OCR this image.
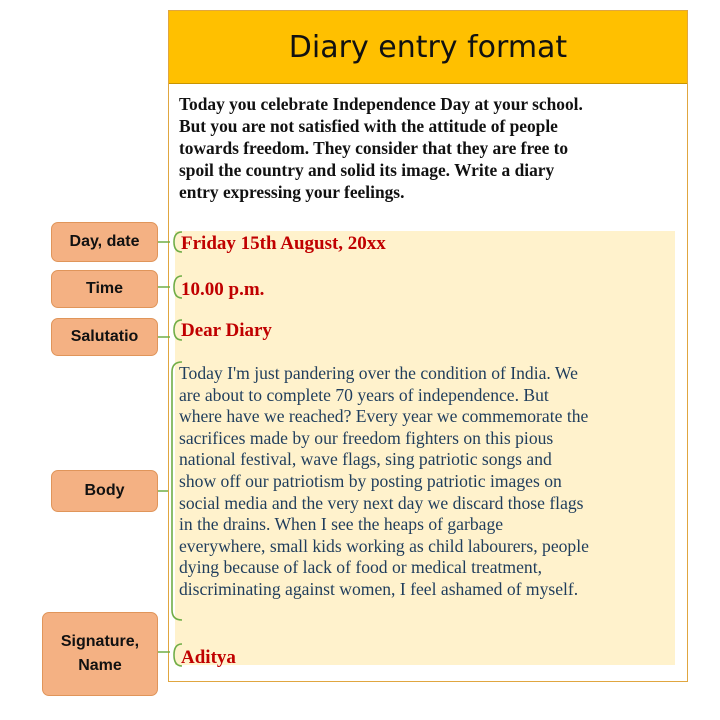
Diary entry format
Today you celebrate Independence Day at your school.
But you are not satisfied with the attitude of people
towards freedom. They consider that they are free to
spoil the country and solid its image. Write a diary
entry expressing your feelings.
Friday 15th August, 20xx
10.00 p.m.
Dear Diary
Today I'm just pandering over the condition of India. We
are about to complete 70 years of independence. But
where have we reached? Every year we commemorate the
sacrifices made by our freedom fighters on this pious
national festival, wave flags, sing patriotic songs and
show off our patriotism by posting patriotic images on
social media and the very next day we discard those flags
in the drains. When I see the heaps of garbage
everywhere, small kids working as child labourers, people
dying because of lack of food or medical treatment,
discriminating against women, I feel ashamed of myself.
Aditya
Day, date
Time
Salutatio
Body
Signature,
Name
